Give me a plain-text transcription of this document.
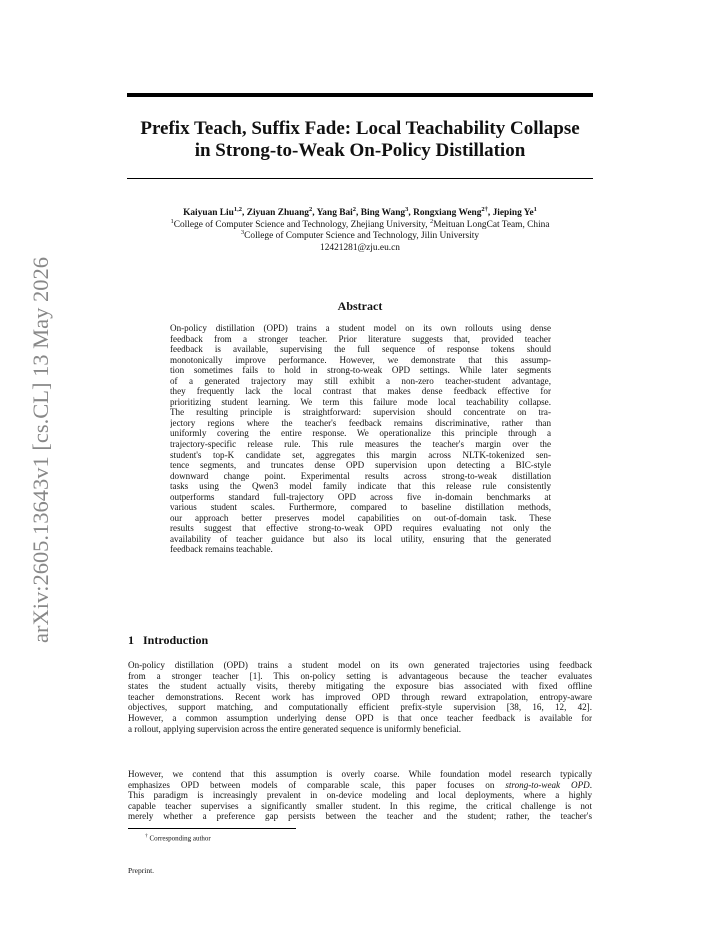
arXiv:2605.13643v1 [cs.CL] 13 May 2026
Prefix Teach, Suffix Fade: Local Teachability Collapse
in Strong-to-Weak On-Policy Distillation
Kaiyuan Liu$^{1,2}$, Ziyuan Zhuang$^2$, Yang Bai$^2$, Bing Wang$^3$, Rongxiang Weng$^{2\dagger}$, Jieping Ye$^1$
$^1$College of Computer Science and Technology, Zhejiang University, $^2$Meituan LongCat Team, China
$^3$College of Computer Science and Technology, Jilin University
12421281@zju.eu.cn
Abstract
On-policy distillation (OPD) trains a student model on its own rollouts using dense
feedback from a stronger teacher. Prior literature suggests that, provided teacher
feedback is available, supervising the full sequence of response tokens should
monotonically improve performance. However, we demonstrate that this assump-
tion sometimes fails to hold in strong-to-weak OPD settings. While later segments
of a generated trajectory may still exhibit a non-zero teacher-student advantage,
they frequently lack the local contrast that makes dense feedback effective for
prioritizing student learning. We term this failure mode local teachability collapse.
The resulting principle is straightforward: supervision should concentrate on tra-
jectory regions where the teacher's feedback remains discriminative, rather than
uniformly covering the entire response. We operationalize this principle through a
trajectory-specific release rule. This rule measures the teacher's margin over the
student's top-K candidate set, aggregates this margin across NLTK-tokenized sen-
tence segments, and truncates dense OPD supervision upon detecting a BIC-style
downward change point. Experimental results across strong-to-weak distillation
tasks using the Qwen3 model family indicate that this release rule consistently
outperforms standard full-trajectory OPD across five in-domain benchmarks at
various student scales. Furthermore, compared to baseline distillation methods,
our approach better preserves model capabilities on out-of-domain task. These
results suggest that effective strong-to-weak OPD requires evaluating not only the
availability of teacher guidance but also its local utility, ensuring that the generated
feedback remains teachable.
1 Introduction
On-policy distillation (OPD) trains a student model on its own generated trajectories using feedback
from a stronger teacher [1]. This on-policy setting is advantageous because the teacher evaluates
states the student actually visits, thereby mitigating the exposure bias associated with fixed offline
teacher demonstrations. Recent work has improved OPD through reward extrapolation, entropy-aware
objectives, support matching, and computationally efficient prefix-style supervision [38, 16, 12, 42].
However, a common assumption underlying dense OPD is that once teacher feedback is available for
a rollout, applying supervision across the entire generated sequence is uniformly beneficial.
However, we contend that this assumption is overly coarse. While foundation model research typically
emphasizes OPD between models of comparable scale, this paper focuses on strong-to-weak OPD.
This paradigm is increasingly prevalent in on-device modeling and local deployments, where a highly
capable teacher supervises a significantly smaller student. In this regime, the critical challenge is not
merely whether a preference gap persists between the teacher and the student; rather, the teacher's
† Corresponding author
Preprint.
